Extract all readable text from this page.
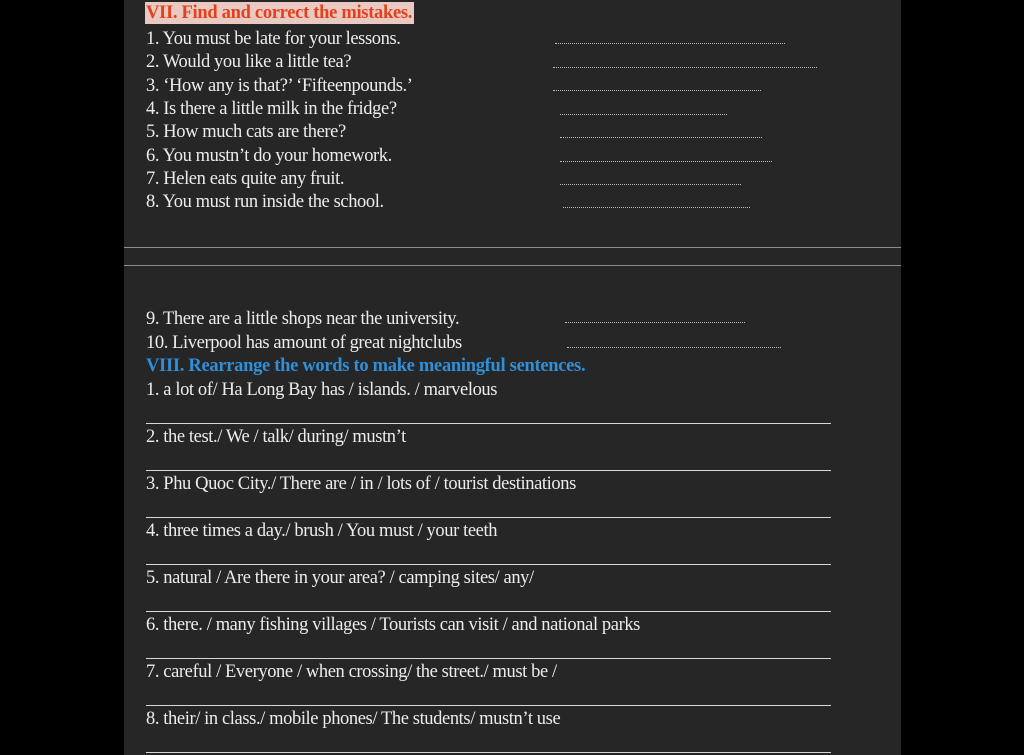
VII. Find and correct the mistakes.
1. You must be late for your lessons.
2. Would you like a little tea?
3. ‘How any is that?’ ‘Fifteenpounds.’
4. Is there a little milk in the fridge?
5. How much cats are there?
6. You mustn’t do your homework.
7. Helen eats quite any fruit.
8. You must run inside the school.
9. There are a little shops near the university.
10. Liverpool has amount of great nightclubs
VIII. Rearrange the words to make meaningful sentences.
1. a lot of/ Ha Long Bay has / islands. / marvelous
2. the test./ We / talk/ during/ mustn’t
3. Phu Quoc City./ There are / in / lots of / tourist destinations
4. three times a day./ brush / You must / your teeth
5. natural / Are there in your area? / camping sites/ any/
6. there. / many fishing villages / Tourists can visit / and national parks
7. careful / Everyone / when crossing/ the street./ must be /
8. their/ in class./ mobile phones/ The students/ mustn’t use
